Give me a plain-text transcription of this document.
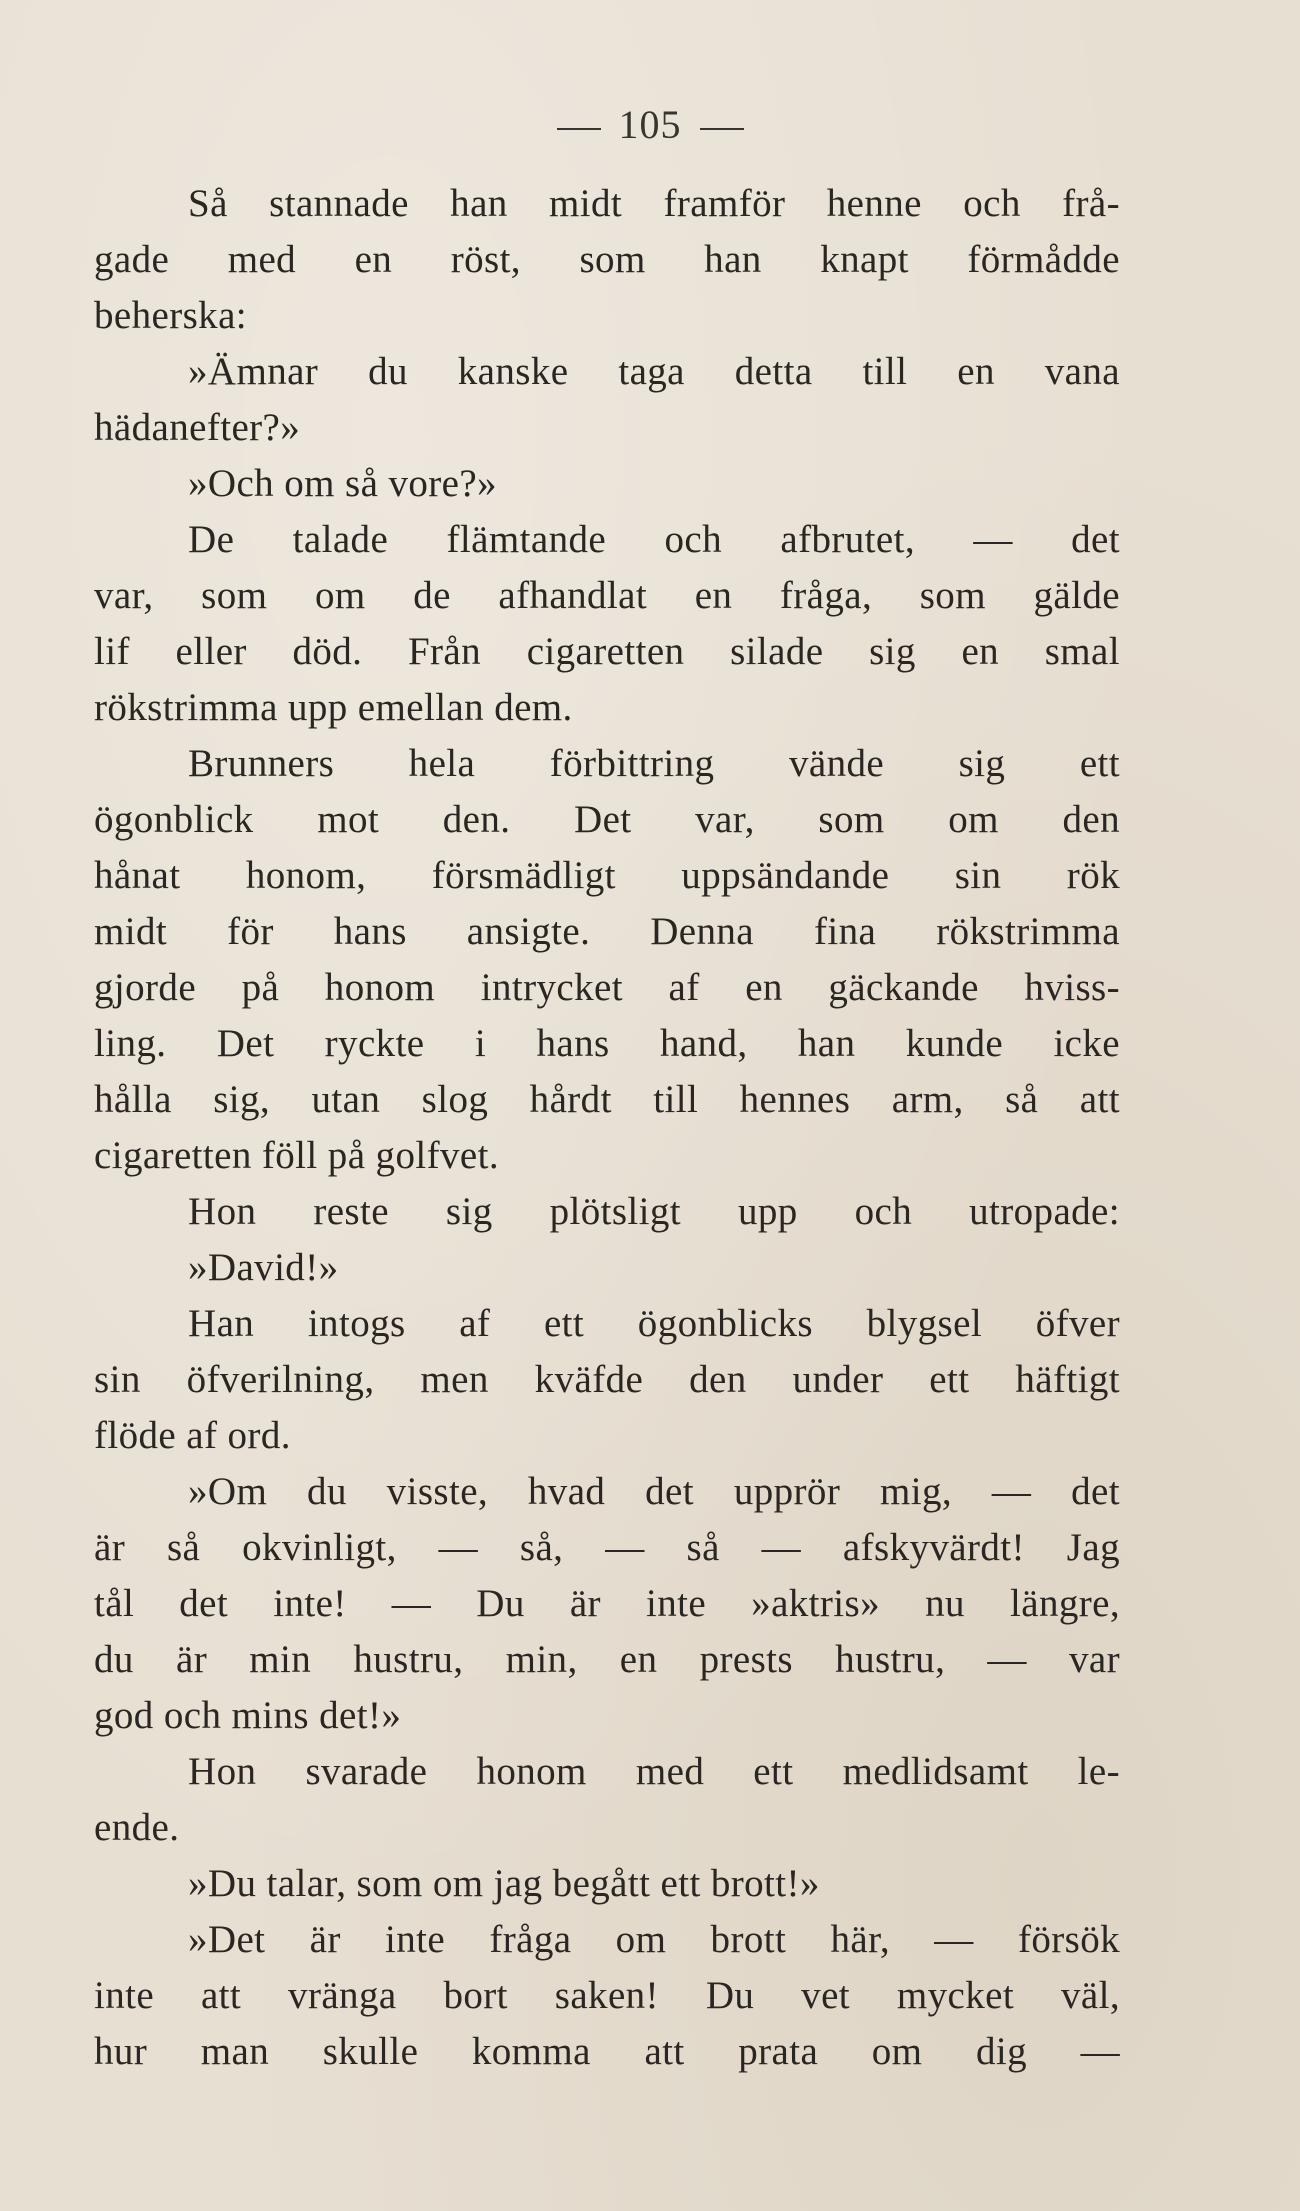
105
Så stannade han midt framför henne och frå-
gade med en röst, som han knapt förmådde
beherska:
»Ämnar du kanske taga detta till en vana
hädanefter?»
»Och om så vore?»
De talade flämtande och afbrutet, — det
var, som om de afhandlat en fråga, som gälde
lif eller död. Från cigaretten silade sig en smal
rökstrimma upp emellan dem.
Brunners hela förbittring vände sig ett
ögonblick mot den. Det var, som om den
hånat honom, försmädligt uppsändande sin rök
midt för hans ansigte. Denna fina rökstrimma
gjorde på honom intrycket af en gäckande hviss-
ling. Det ryckte i hans hand, han kunde icke
hålla sig, utan slog hårdt till hennes arm, så att
cigaretten föll på golfvet.
Hon reste sig plötsligt upp och utropade:
»David!»
Han intogs af ett ögonblicks blygsel öfver
sin öfverilning, men kväfde den under ett häftigt
flöde af ord.
»Om du visste, hvad det upprör mig, — det
är så okvinligt, — så, — så — afskyvärdt! Jag
tål det inte! — Du är inte »aktris» nu längre,
du är min hustru, min, en prests hustru, — var
god och mins det!»
Hon svarade honom med ett medlidsamt le-
ende.
»Du talar, som om jag begått ett brott!»
»Det är inte fråga om brott här, — försök
inte att vränga bort saken! Du vet mycket väl,
hur man skulle komma att prata om dig —
